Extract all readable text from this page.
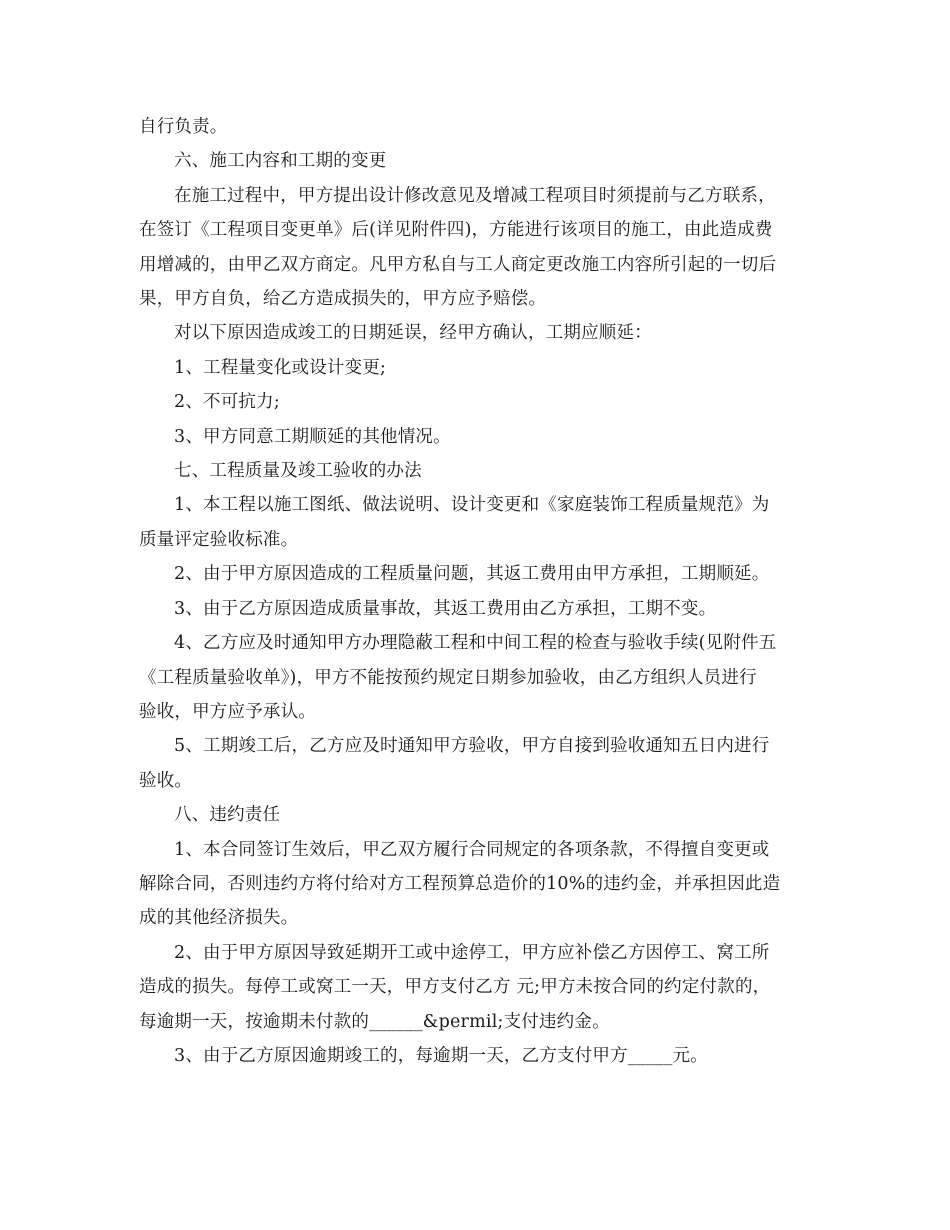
自行负责。

六、施工内容和工期的变更

在施工过程中，甲方提出设计修改意见及增减工程项目时须提前与乙方联系，
在签订《工程项目变更单》后(详见附件四)，方能进行该项目的施工，由此造成费
用增减的，由甲乙双方商定。凡甲方私自与工人商定更改施工内容所引起的一切后
果，甲方自负，给乙方造成损失的，甲方应予赔偿。

对以下原因造成竣工的日期延误，经甲方确认，工期应顺延：

1、工程量变化或设计变更;

2、不可抗力;

3、甲方同意工期顺延的其他情况。

七、工程质量及竣工验收的办法

1、本工程以施工图纸、做法说明、设计变更和《家庭装饰工程质量规范》为
质量评定验收标准。

2、由于甲方原因造成的工程质量问题，其返工费用由甲方承担，工期顺延。

3、由于乙方原因造成质量事故，其返工费用由乙方承担，工期不变。

4、乙方应及时通知甲方办理隐蔽工程和中间工程的检查与验收手续(见附件五
《工程质量验收单》)，甲方不能按预约规定日期参加验收，由乙方组织人员进行
验收，甲方应予承认。

5、工期竣工后，乙方应及时通知甲方验收，甲方自接到验收通知五日内进行
验收。

八、违约责任

1、本合同签订生效后，甲乙双方履行合同规定的各项条款，不得擅自变更或
解除合同，否则违约方将付给对方工程预算总造价的10%的违约金，并承担因此造
成的其他经济损失。

2、由于甲方原因导致延期开工或中途停工，甲方应补偿乙方因停工、窝工所
造成的损失。每停工或窝工一天，甲方支付乙方 元;甲方未按合同的约定付款的，
每逾期一天，按逾期未付款的______&permil;支付违约金。

3、由于乙方原因逾期竣工的，每逾期一天，乙方支付甲方_____元。
